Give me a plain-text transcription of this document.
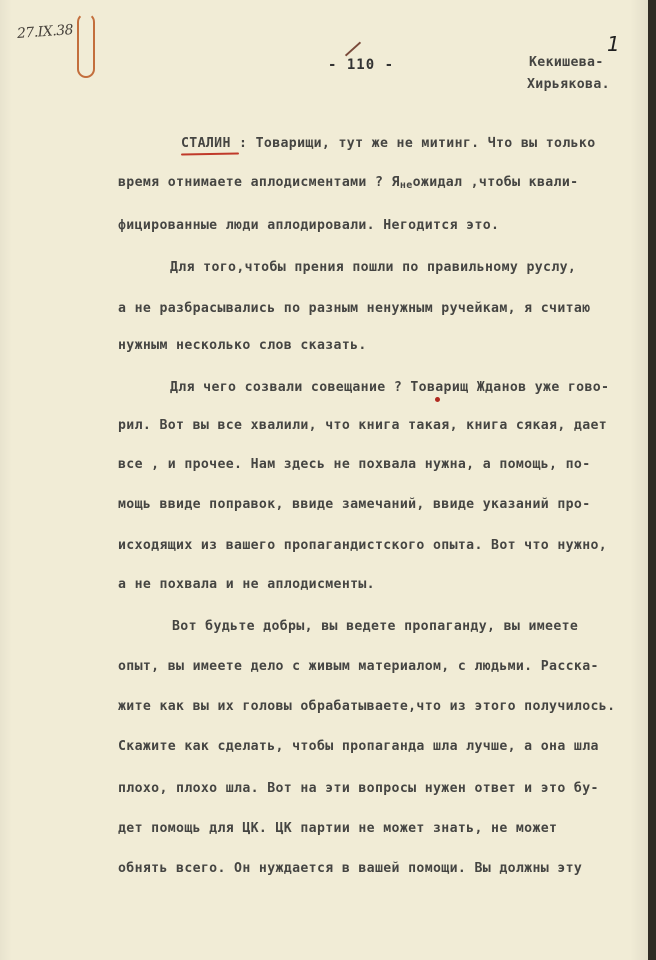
27.IX.38	1
- 110 -	Кекишева-
Хирьякова.
СТАЛИН : Товарищи, тут же не митинг. Что вы только
время отнимаете аплодисментами ? Янеожидал ,чтобы квали-
фицированные люди аплодировали. Негодится это.
Для того,чтобы прения пошли по правильному руслу,
а не разбрасывались по разным ненужным ручейкам, я считаю
нужным несколько слов сказать.
Для чего созвали совещание ? Товарищ Жданов уже гово-
рил. Вот вы все хвалили, что книга такая, книга сякая, дает
все , и прочее. Нам здесь не похвала нужна, а помощь, по-
мощь ввиде поправок, ввиде замечаний, ввиде указаний про-
исходящих из вашего пропагандистского опыта. Вот что нужно,
а не похвала и не аплодисменты.
Вот будьте добры, вы ведете пропаганду, вы имеете
опыт, вы имеете дело с живым материалом, с людьми. Расска-
жите как вы их головы обрабатываете,что из этого получилось.
Скажите как сделать, чтобы пропаганда шла лучше, а она шла
плохо, плохо шла. Вот на эти вопросы нужен ответ и это бу-
дет помощь для ЦК. ЦК партии не может знать, не может
обнять всего. Он нуждается в вашей помощи. Вы должны эту
